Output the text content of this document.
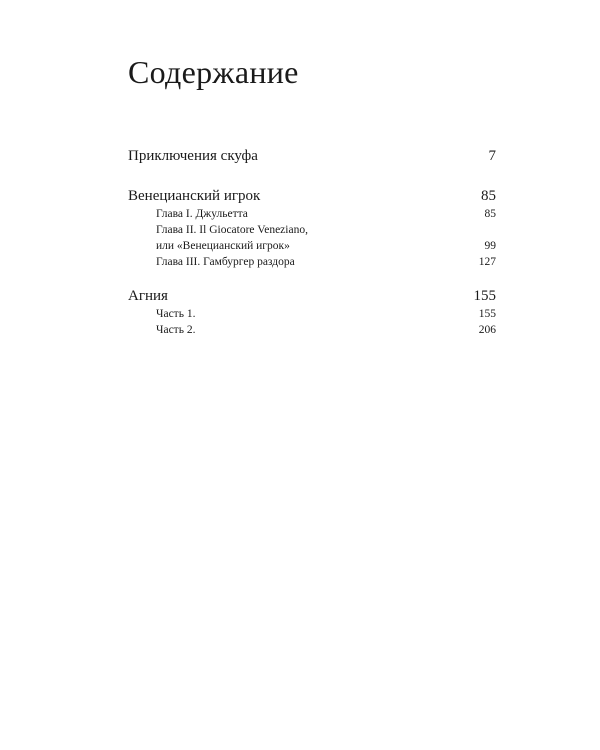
Содержание
Приключения скуфа	7
Венецианский игрок	85
Глава I. Джульетта	85
Глава II. Il Giocatore Veneziano,
или «Венецианский игрок»	99
Глава III. Гамбургер раздора	127
Агния	155
Часть 1.	155
Часть 2.	206
